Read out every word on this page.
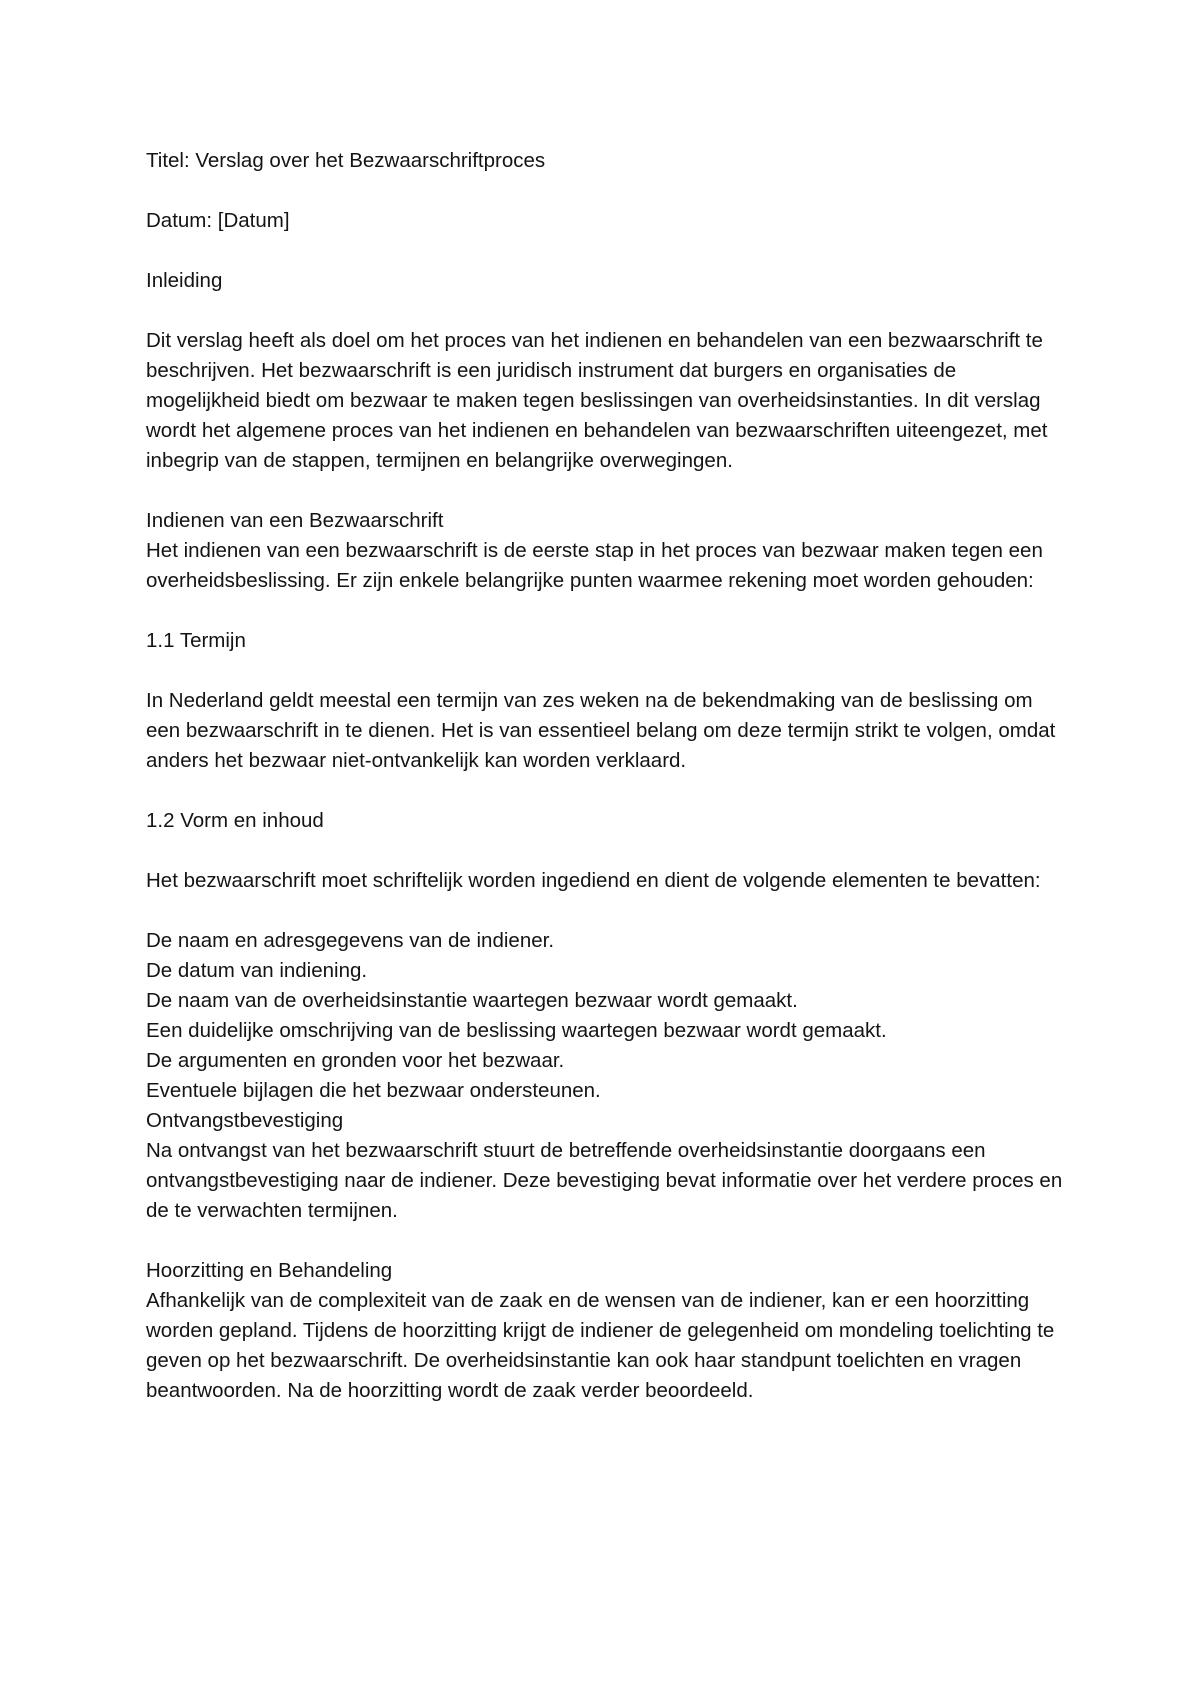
Titel: Verslag over het Bezwaarschriftproces

Datum: [Datum]

Inleiding

Dit verslag heeft als doel om het proces van het indienen en behandelen van een bezwaarschrift te beschrijven. Het bezwaarschrift is een juridisch instrument dat burgers en organisaties de mogelijkheid biedt om bezwaar te maken tegen beslissingen van overheidsinstanties. In dit verslag wordt het algemene proces van het indienen en behandelen van bezwaarschriften uiteengezet, met inbegrip van de stappen, termijnen en belangrijke overwegingen.

Indienen van een Bezwaarschrift

Het indienen van een bezwaarschrift is de eerste stap in het proces van bezwaar maken tegen een overheidsbeslissing. Er zijn enkele belangrijke punten waarmee rekening moet worden gehouden:

1.1 Termijn

In Nederland geldt meestal een termijn van zes weken na de bekendmaking van de beslissing om een bezwaarschrift in te dienen. Het is van essentieel belang om deze termijn strikt te volgen, omdat anders het bezwaar niet-ontvankelijk kan worden verklaard.

1.2 Vorm en inhoud

Het bezwaarschrift moet schriftelijk worden ingediend en dient de volgende elementen te bevatten:

De naam en adresgegevens van de indiener.

De datum van indiening.

De naam van de overheidsinstantie waartegen bezwaar wordt gemaakt.

Een duidelijke omschrijving van de beslissing waartegen bezwaar wordt gemaakt.

De argumenten en gronden voor het bezwaar.

Eventuele bijlagen die het bezwaar ondersteunen.

Ontvangstbevestiging

Na ontvangst van het bezwaarschrift stuurt de betreffende overheidsinstantie doorgaans een ontvangstbevestiging naar de indiener. Deze bevestiging bevat informatie over het verdere proces en de te verwachten termijnen.

Hoorzitting en Behandeling

Afhankelijk van de complexiteit van de zaak en de wensen van de indiener, kan er een hoorzitting worden gepland. Tijdens de hoorzitting krijgt de indiener de gelegenheid om mondeling toelichting te geven op het bezwaarschrift. De overheidsinstantie kan ook haar standpunt toelichten en vragen beantwoorden. Na de hoorzitting wordt de zaak verder beoordeeld.
